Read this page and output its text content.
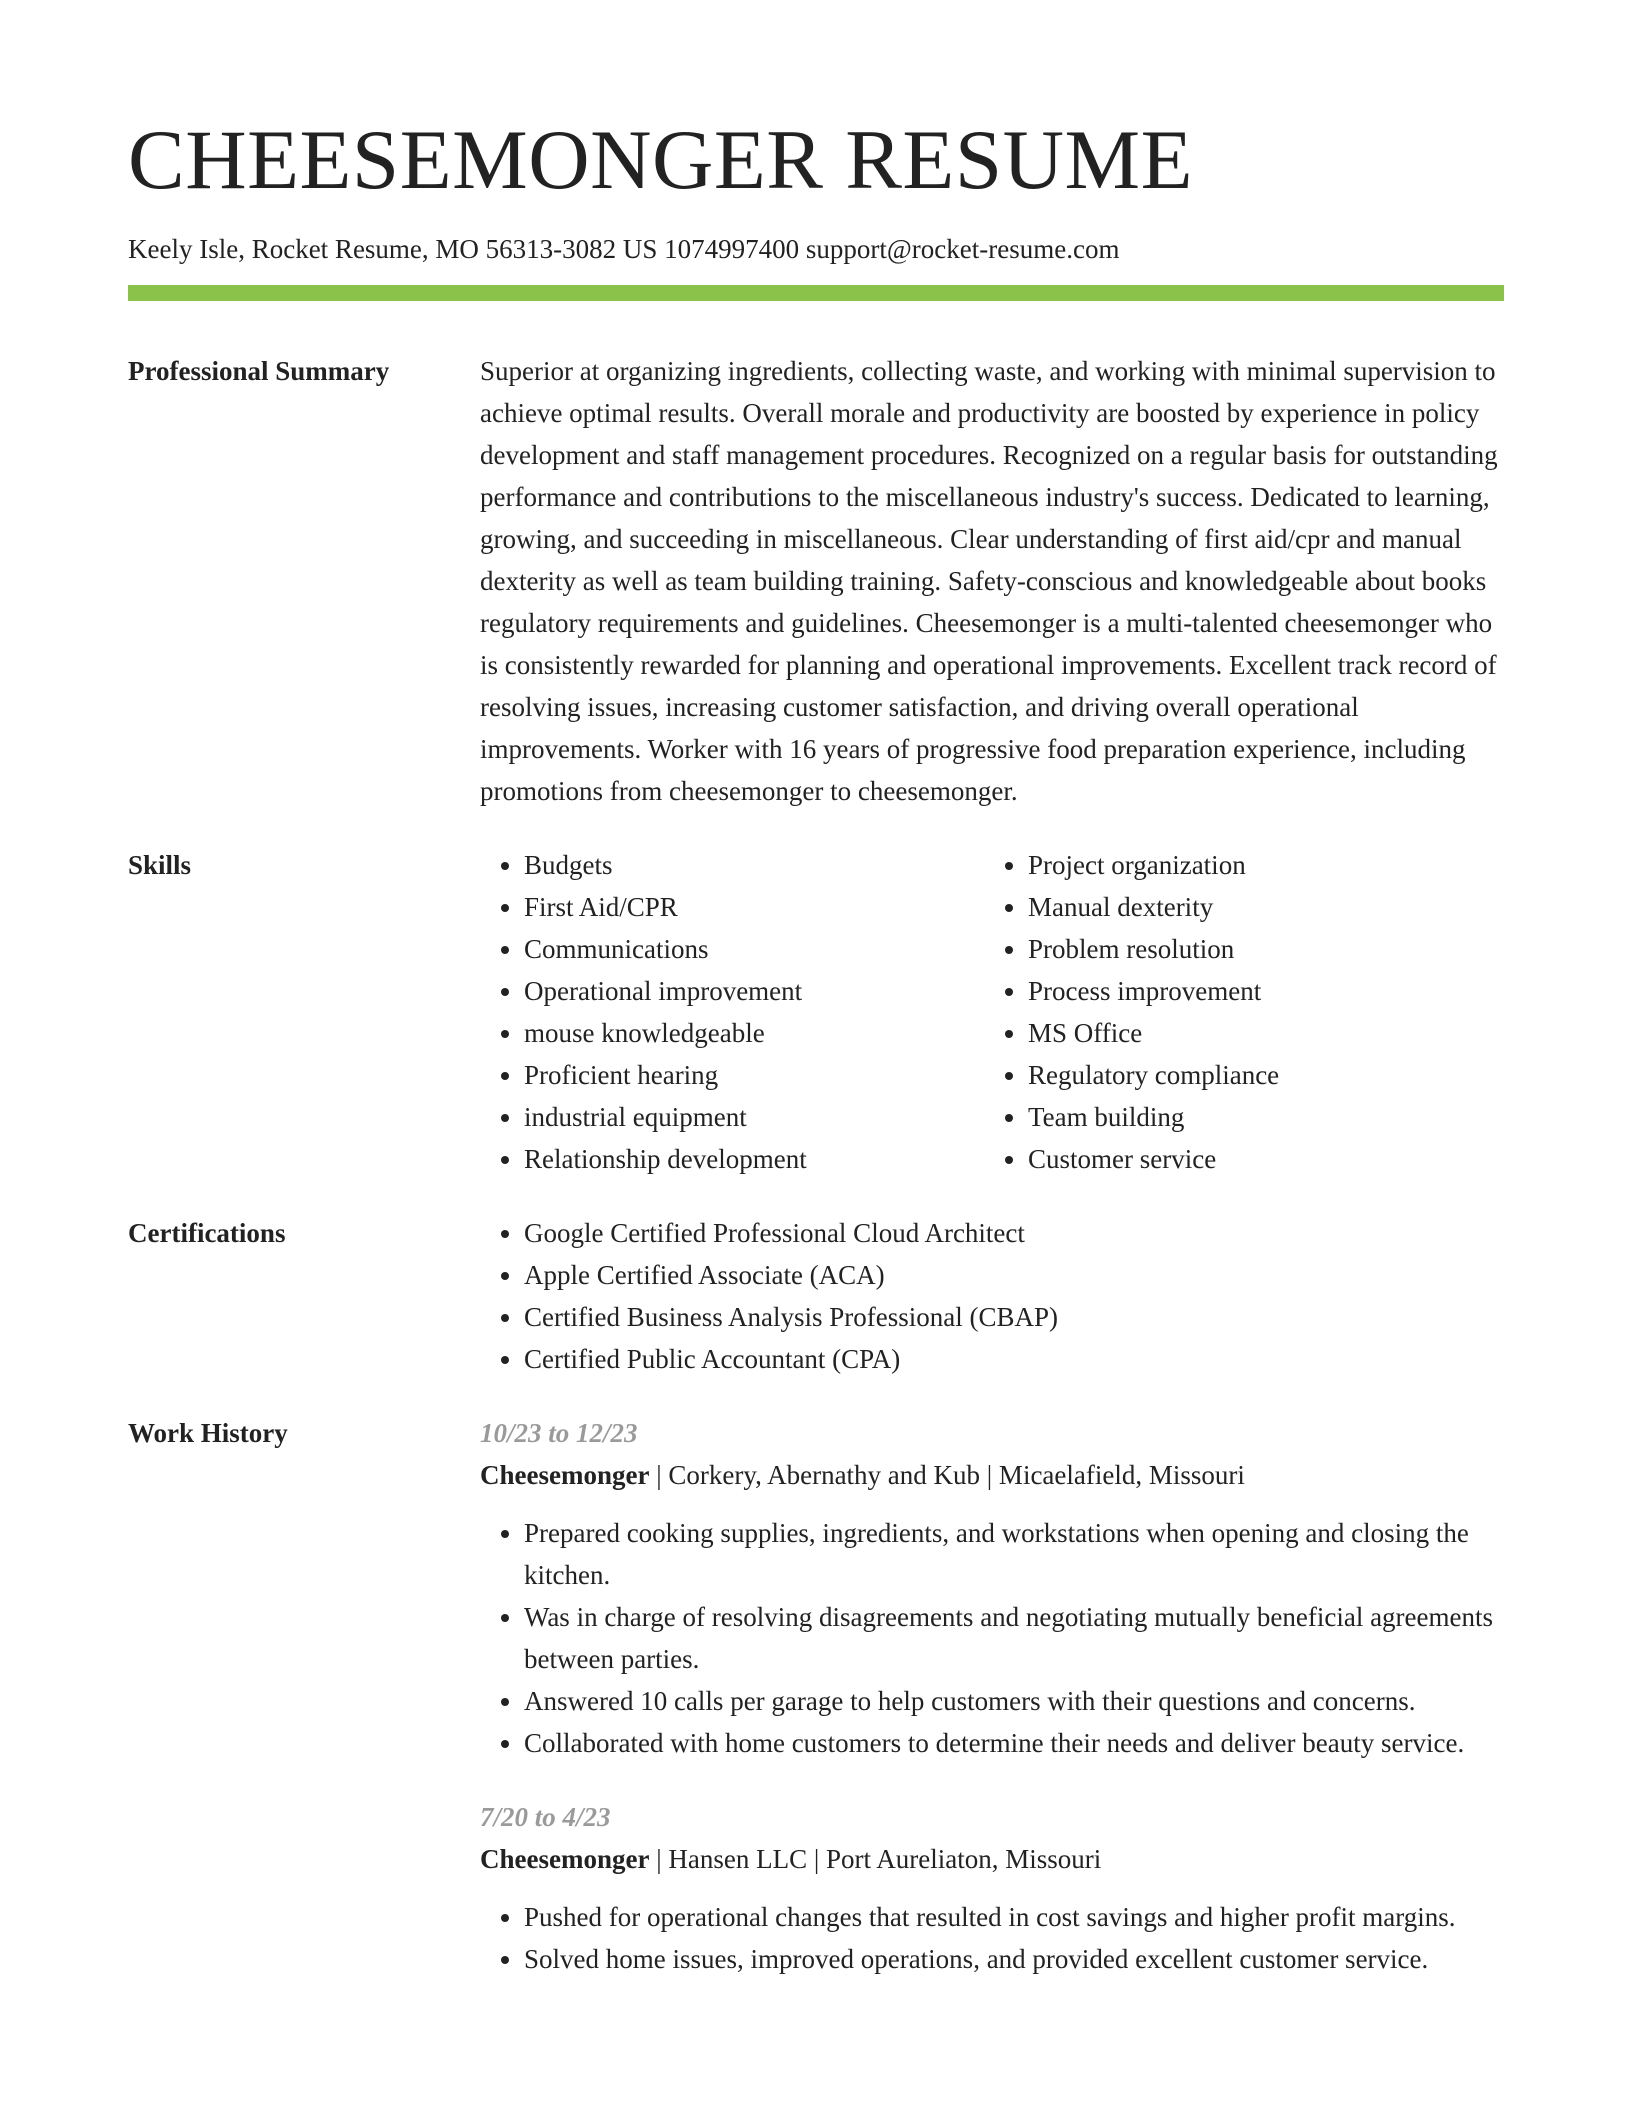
CHEESEMONGER RESUME
Keely Isle, Rocket Resume, MO 56313-3082 US 1074997400 support@rocket-resume.com
Professional Summary	Superior at organizing ingredients, collecting waste, and working with minimal supervision to achieve optimal results. Overall morale and productivity are boosted by experience in policy development and staff management procedures. Recognized on a regular basis for outstanding performance and contributions to the miscellaneous industry's success. Dedicated to learning, growing, and succeeding in miscellaneous. Clear understanding of first aid/cpr and manual dexterity as well as team building training. Safety-conscious and knowledgeable about books regulatory requirements and guidelines. Cheesemonger is a multi-talented cheesemonger who is consistently rewarded for planning and operational improvements. Excellent track record of resolving issues, increasing customer satisfaction, and driving overall operational improvements. Worker with 16 years of progressive food preparation experience, including promotions from cheesemonger to cheesemonger.

Skills	• Budgets
• First Aid/CPR
• Communications
• Operational improvement
• mouse knowledgeable
• Proficient hearing
• industrial equipment
• Relationship development
• Project organization
• Manual dexterity
• Problem resolution
• Process improvement
• MS Office
• Regulatory compliance
• Team building
• Customer service
Certifications	• Google Certified Professional Cloud Architect
• Apple Certified Associate (ACA)
• Certified Business Analysis Professional (CBAP)
• Certified Public Accountant (CPA)
Work History	10/23 to 12/23
Cheesemonger | Corkery, Abernathy and Kub | Micaelafield, Missouri
• Prepared cooking supplies, ingredients, and workstations when opening and closing the kitchen.
• Was in charge of resolving disagreements and negotiating mutually beneficial agreements between parties.
• Answered 10 calls per garage to help customers with their questions and concerns.
• Collaborated with home customers to determine their needs and deliver beauty service.
7/20 to 4/23
Cheesemonger | Hansen LLC | Port Aureliaton, Missouri
• Pushed for operational changes that resulted in cost savings and higher profit margins.
• Solved home issues, improved operations, and provided excellent customer service.
